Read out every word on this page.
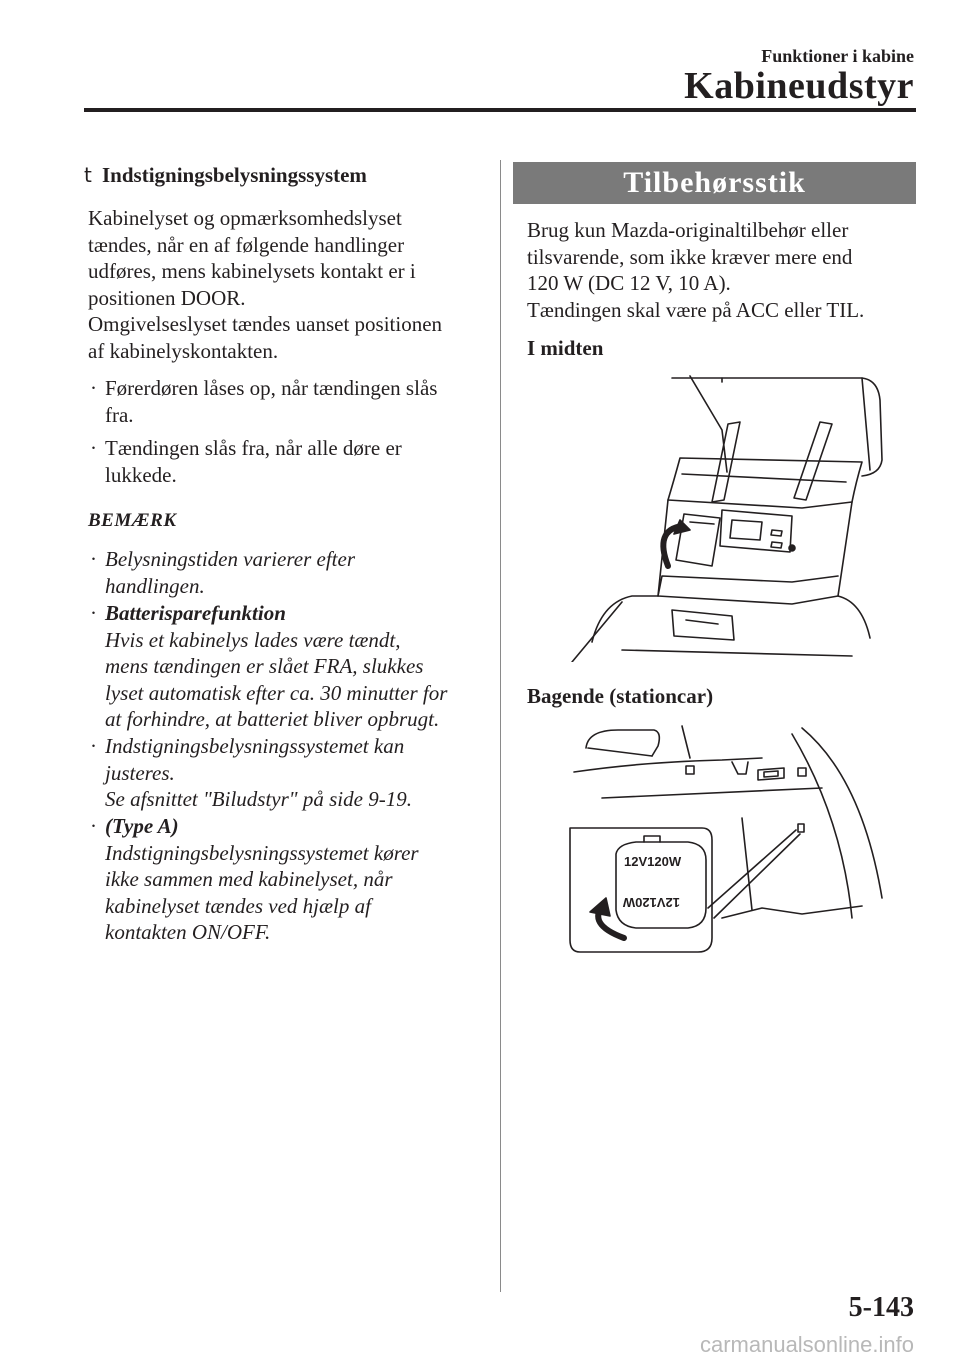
Funktioner i kabine
Kabineudstyr
t Indstigningsbelysningssystem
Kabinelyset og opmærksomhedslyset
tændes, når en af følgende handlinger
udføres, mens kabinelysets kontakt er i
positionen DOOR.
Omgivelseslyset tændes uanset positionen
af kabinelyskontakten.
· Førerdøren låses op, når tændingen slås
fra.
· Tændingen slås fra, når alle døre er
lukkede.
BEMÆRK
· Belysningstiden varierer efter
handlingen.
· Batterisparefunktion
Hvis et kabinelys lades være tændt,
mens tændingen er slået FRA, slukkes
lyset automatisk efter ca. 30 minutter for
at forhindre, at batteriet bliver opbrugt.
· Indstigningsbelysningssystemet kan
justeres.
Se afsnittet "Biludstyr" på side 9-19.
· (Type A)
Indstigningsbelysningssystemet kører
ikke sammen med kabinelyset, når
kabinelyset tændes ved hjælp af
kontakten ON/OFF.
Tilbehørsstik
Brug kun Mazda-originaltilbehør eller
tilsvarende, som ikke kræver mere end
120 W (DC 12 V, 10 A).
Tændingen skal være på ACC eller TIL.
I midten
Bagende (stationcar)
12V120W
12V120W
5-143
carmanualsonline.info
